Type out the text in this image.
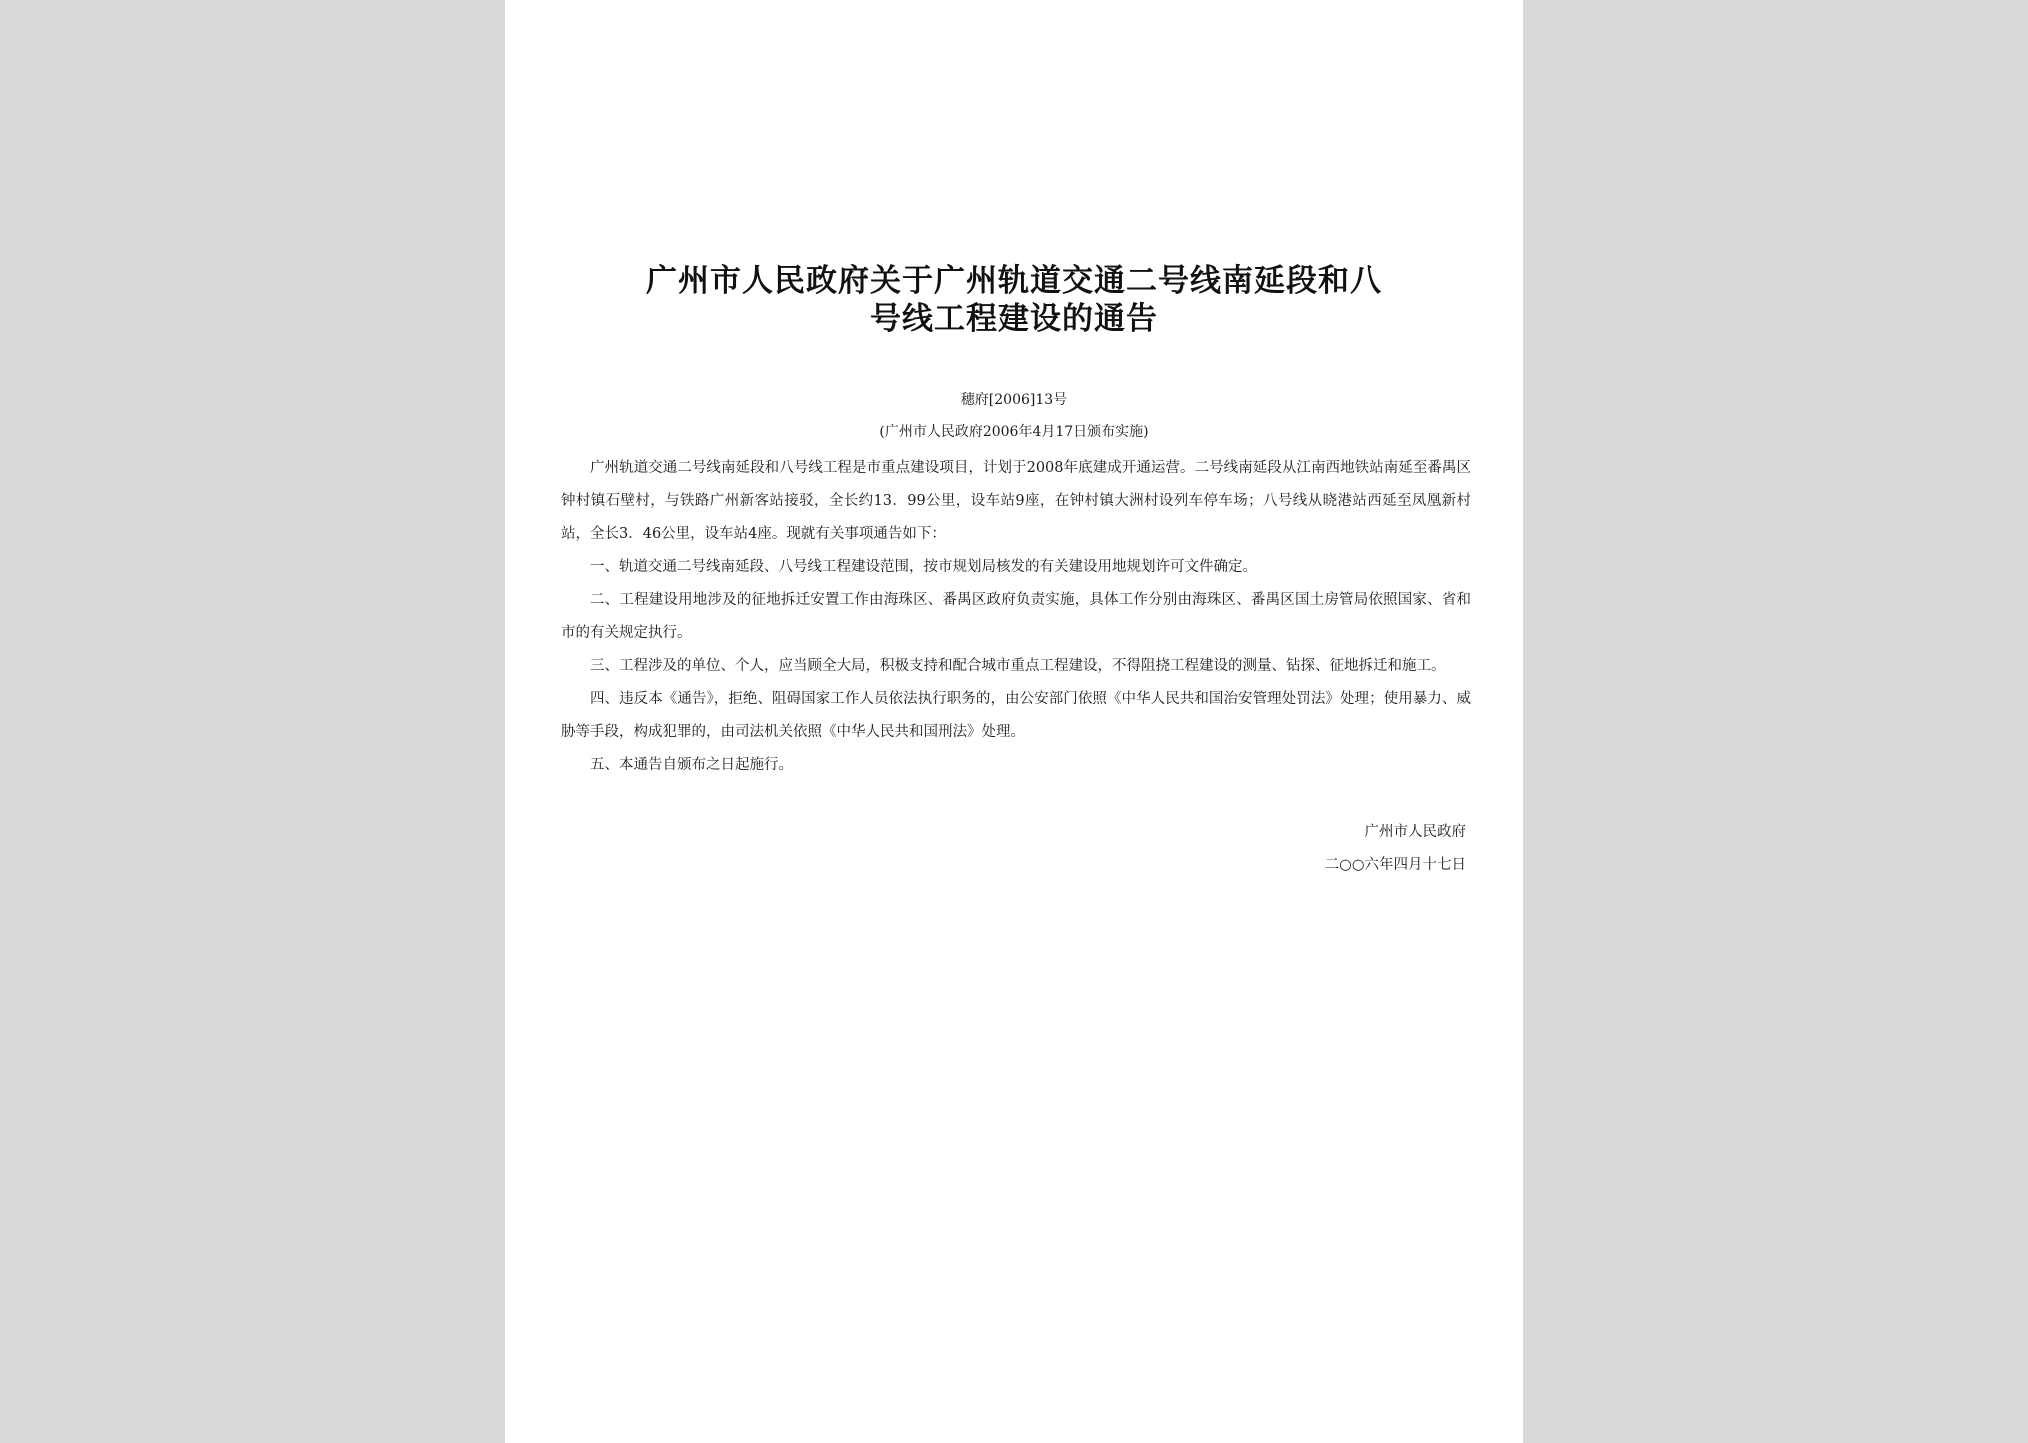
广州市人民政府关于广州轨道交通二号线南延段和八
号线工程建设的通告
穗府[2006]13号
(广州市人民政府2006年4月17日颁布实施)

广州轨道交通二号线南延段和八号线工程是市重点建设项目，计划于2008年底建成开通运营。二号线南延段从江南西地铁站南延至番禺区钟村镇石壁村，与铁路广州新客站接驳，全长约13．99公里，设车站9座，在钟村镇大洲村设列车停车场；八号线从晓港站西延至凤凰新村站，全长3．46公里，设车站4座。现就有关事项通告如下：

一、轨道交通二号线南延段、八号线工程建设范围，按市规划局核发的有关建设用地规划许可文件确定。

二、工程建设用地涉及的征地拆迁安置工作由海珠区、番禺区政府负责实施，具体工作分别由海珠区、番禺区国土房管局依照国家、省和市的有关规定执行。

三、工程涉及的单位、个人，应当顾全大局，积极支持和配合城市重点工程建设，不得阻挠工程建设的测量、钻探、征地拆迁和施工。

四、违反本《通告》，拒绝、阻碍国家工作人员依法执行职务的，由公安部门依照《中华人民共和国治安管理处罚法》处理；使用暴力、威胁等手段，构成犯罪的，由司法机关依照《中华人民共和国刑法》处理。

五、本通告自颁布之日起施行。

广州市人民政府
二○○六年四月十七日
